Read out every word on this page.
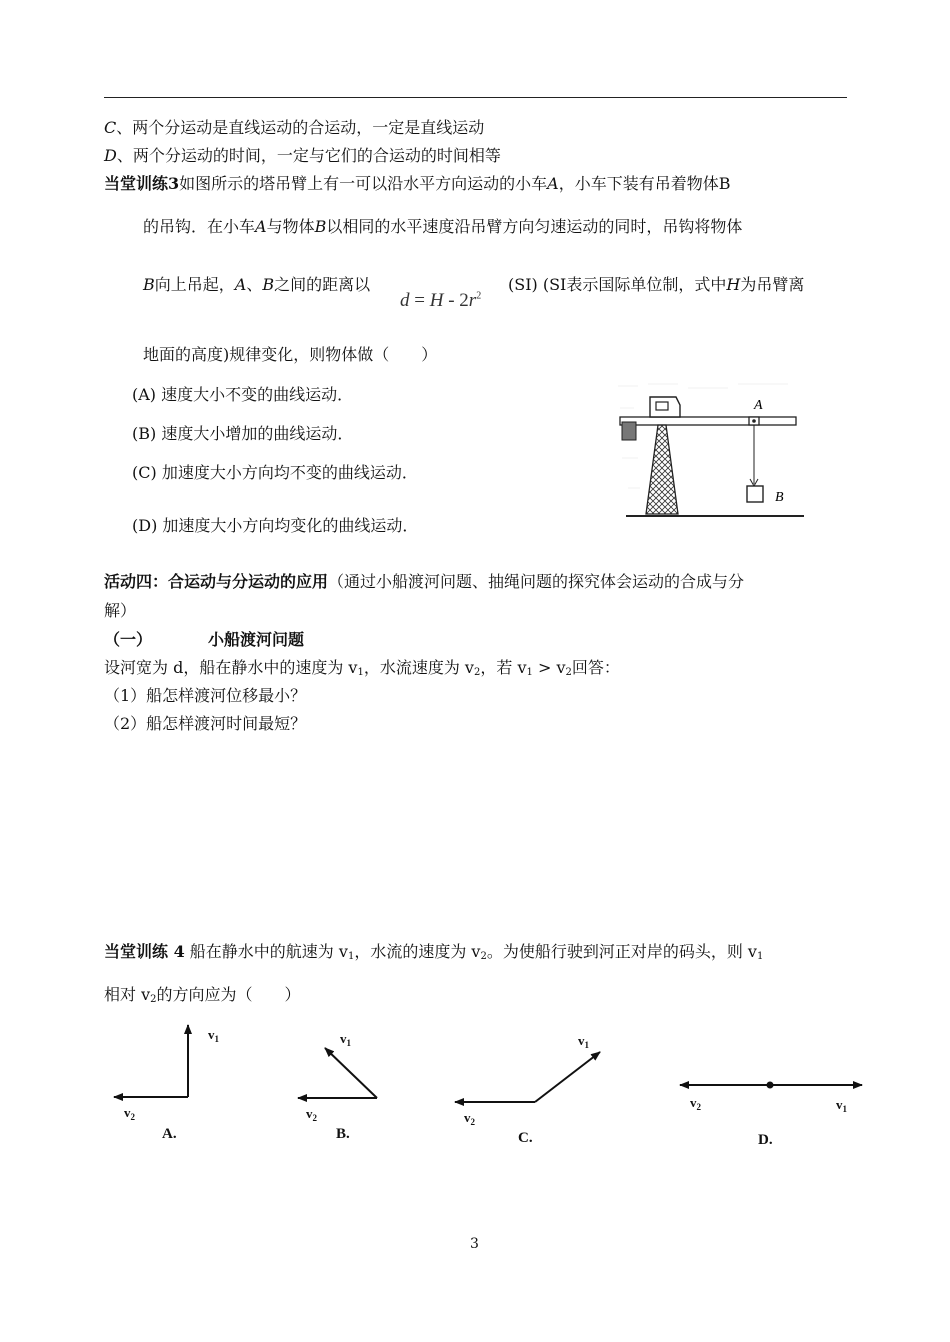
C、两个分运动是直线运动的合运动，一定是直线运动
D、两个分运动的时间，一定与它们的合运动的时间相等
当堂训练3如图所示的塔吊臂上有一可以沿水平方向运动的小车A，小车下装有吊着物体B
的吊钩．在小车A与物体B以相同的水平速度沿吊臂方向匀速运动的同时，吊钩将物体
B向上吊起，A、B之间的距离以
$d = H - 2r^2$
(SI) (SI表示国际单位制，式中H为吊臂离
地面的高度)规律变化，则物体做（　　）
(A) 速度大小不变的曲线运动．
(B) 速度大小增加的曲线运动．
(C) 加速度大小方向均不变的曲线运动．
(D) 加速度大小方向均变化的曲线运动．
A
B
活动四：合运动与分运动的应用（通过小船渡河问题、抽绳问题的探究体会运动的合成与分
解）
（一）	小船渡河问题
设河宽为 d，船在静水中的速度为 $v_1$，水流速度为 $v_2$，若 $v_1 > v_2$回答：
（1）船怎样渡河位移最小？
（2）船怎样渡河时间最短？
当堂训练 4 船在静水中的航速为 $v_1$，水流的速度为 $v_2$。为使船行驶到河正对岸的码头，则 $v_1$
相对 $v_2$的方向应为（　　）
$v_1$
$v_2$
$v_1$
$v_2$
$v_1$
$v_2$
$v_1$
$v_2$
A.	B.	C.	D.
3
